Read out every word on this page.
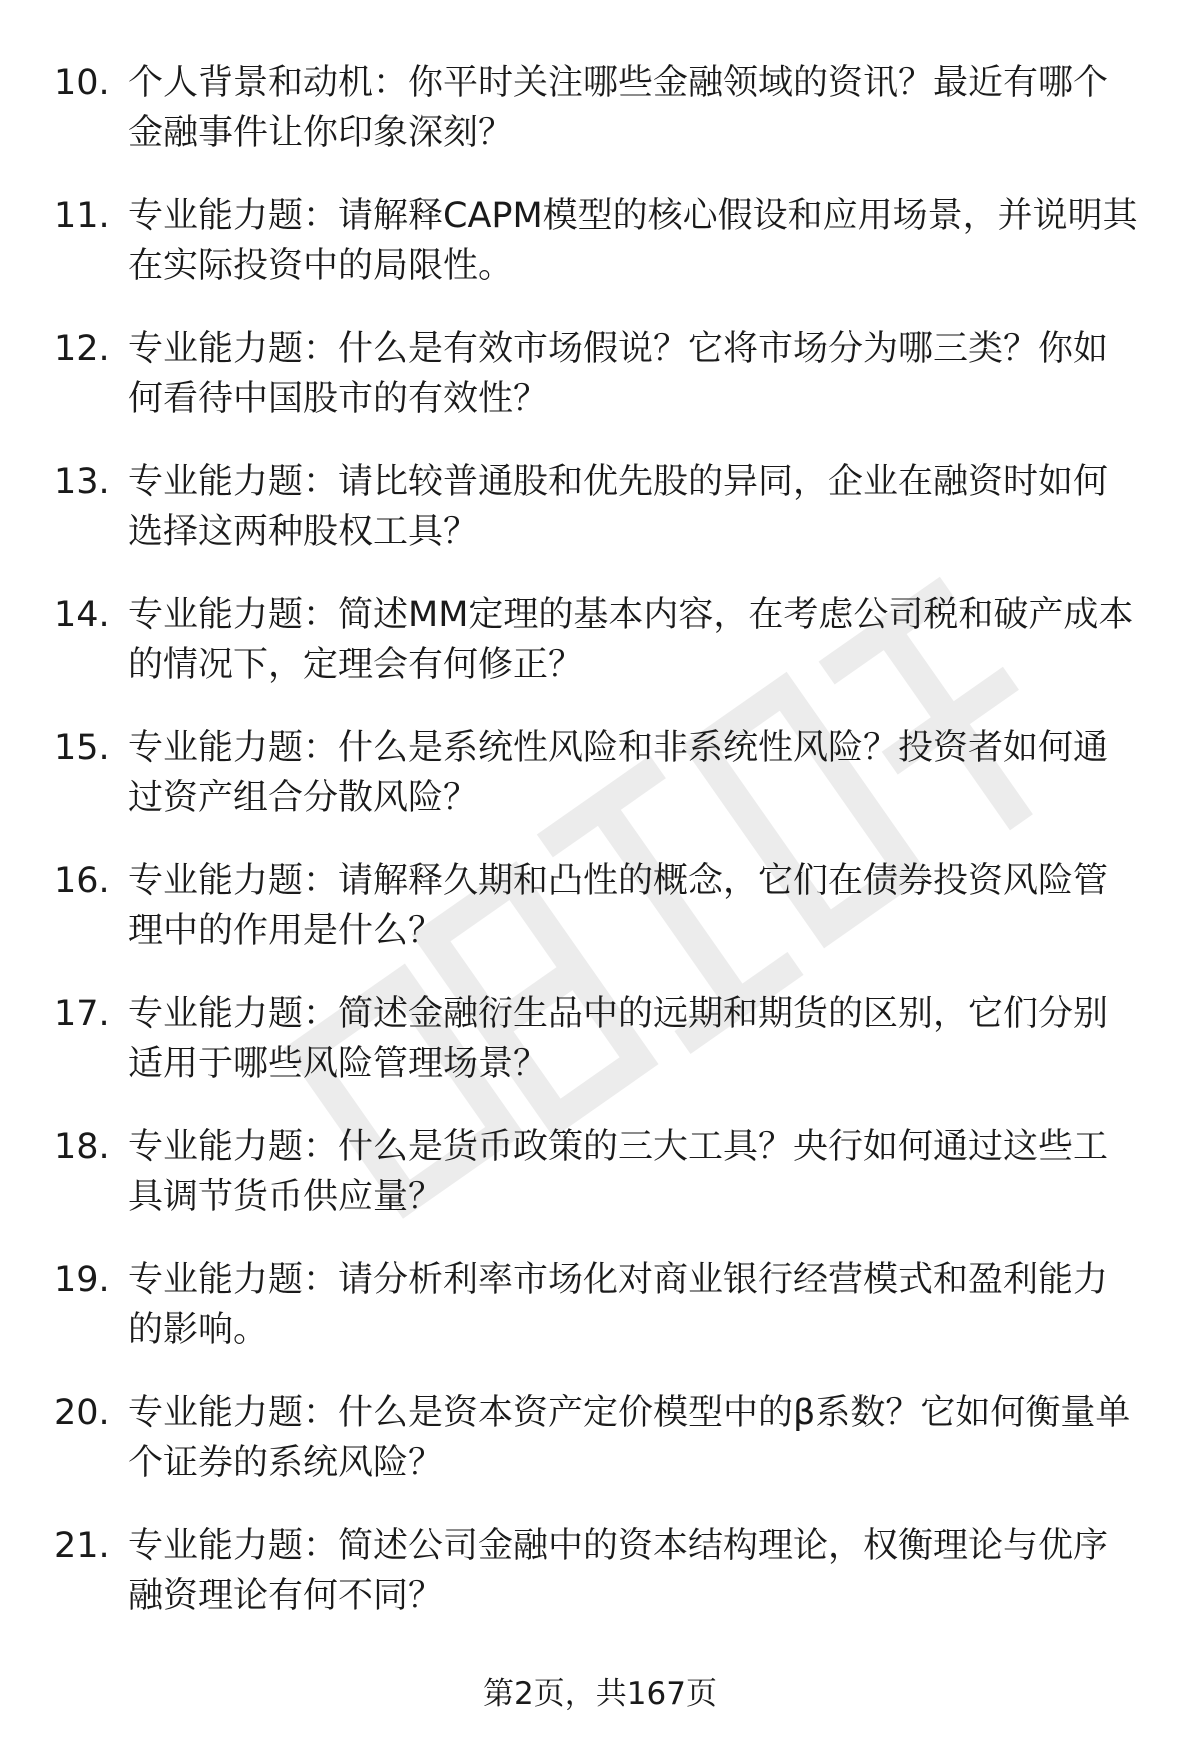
10. 个人背景和动机：你平时关注哪些金融领域的资讯？最近有哪个金融事件让你印象深刻？
11. 专业能力题：请解释CAPM模型的核心假设和应用场景，并说明其在实际投资中的局限性。
12. 专业能力题：什么是有效市场假说？它将市场分为哪三类？你如何看待中国股市的有效性？
13. 专业能力题：请比较普通股和优先股的异同，企业在融资时如何选择这两种股权工具？
14. 专业能力题：简述MM定理的基本内容，在考虑公司税和破产成本的情况下，定理会有何修正？
15. 专业能力题：什么是系统性风险和非系统性风险？投资者如何通过资产组合分散风险？
16. 专业能力题：请解释久期和凸性的概念，它们在债券投资风险管理中的作用是什么？
17. 专业能力题：简述金融衍生品中的远期和期货的区别，它们分别适用于哪些风险管理场景？
18. 专业能力题：什么是货币政策的三大工具？央行如何通过这些工具调节货币供应量？
19. 专业能力题：请分析利率市场化对商业银行经营模式和盈利能力的影响。
20. 专业能力题：什么是资本资产定价模型中的β系数？它如何衡量单个证券的系统风险？
21. 专业能力题：简述公司金融中的资本结构理论，权衡理论与优序融资理论有何不同？
第2页，共167页
